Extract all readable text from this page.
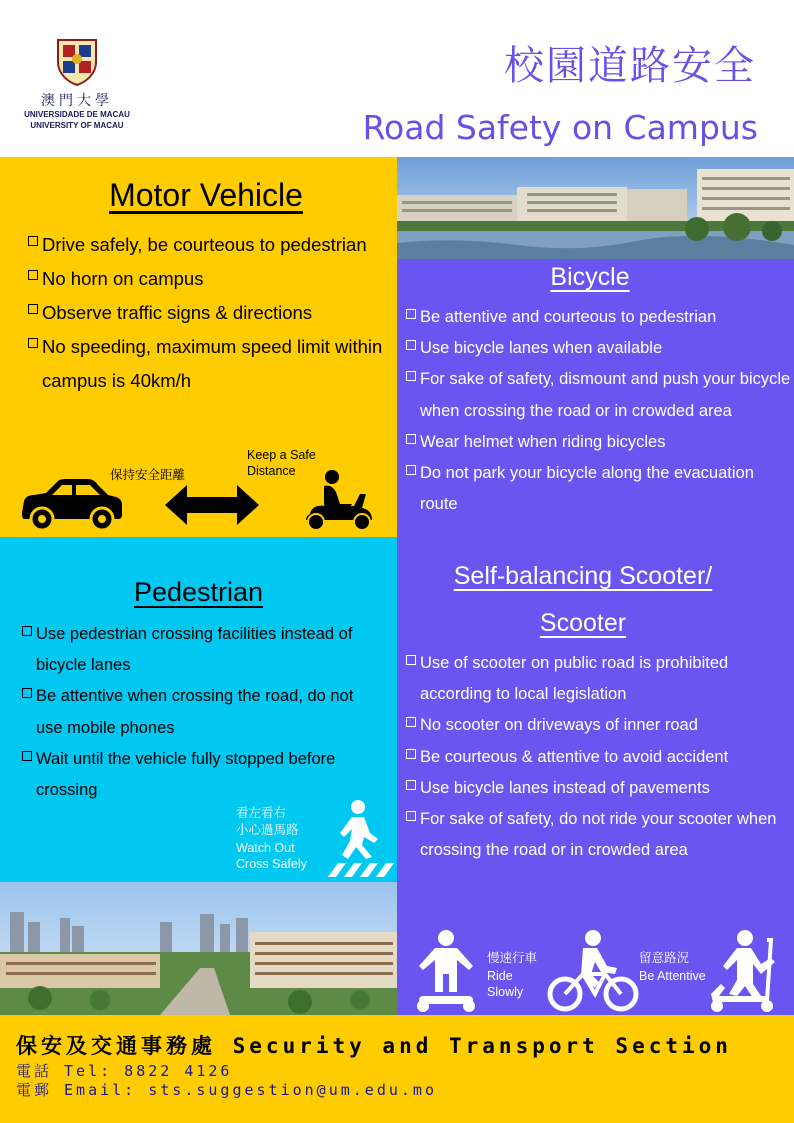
澳門大學
UNIVERSIDADE DE MACAU
UNIVERSITY OF MACAU
校園道路安全
Road Safety on Campus
Motor Vehicle
Drive safely, be courteous to pedestrian
No horn on campus
Observe traffic signs & directions
No speeding, maximum speed limit within campus is 40km/h
保持安全距離
Keep a Safe Distance
Pedestrian
Use pedestrian crossing facilities instead of bicycle lanes
Be attentive when crossing the road, do not use mobile phones
Wait until the vehicle fully stopped before crossing
看左看右
小心過馬路
Watch Out
Cross Safely
Bicycle
Be attentive and courteous to pedestrian
Use bicycle lanes when available
For sake of safety, dismount and push your bicycle when crossing the road or in crowded area
Wear helmet when riding bicycles
Do not park your bicycle along the evacuation route
Self-balancing Scooter/
Scooter
Use of scooter on public road is prohibited according to local legislation
No scooter on driveways of inner road
Be courteous & attentive to avoid accident
Use bicycle lanes instead of pavements
For sake of safety, do not ride your scooter when crossing the road or in crowded area
慢速行車
Ride
Slowly
留意路況
Be Attentive
保安及交通事務處 Security and Transport Section
電話 Tel: 8822 4126
電郵 Email: sts.suggestion@um.edu.mo
